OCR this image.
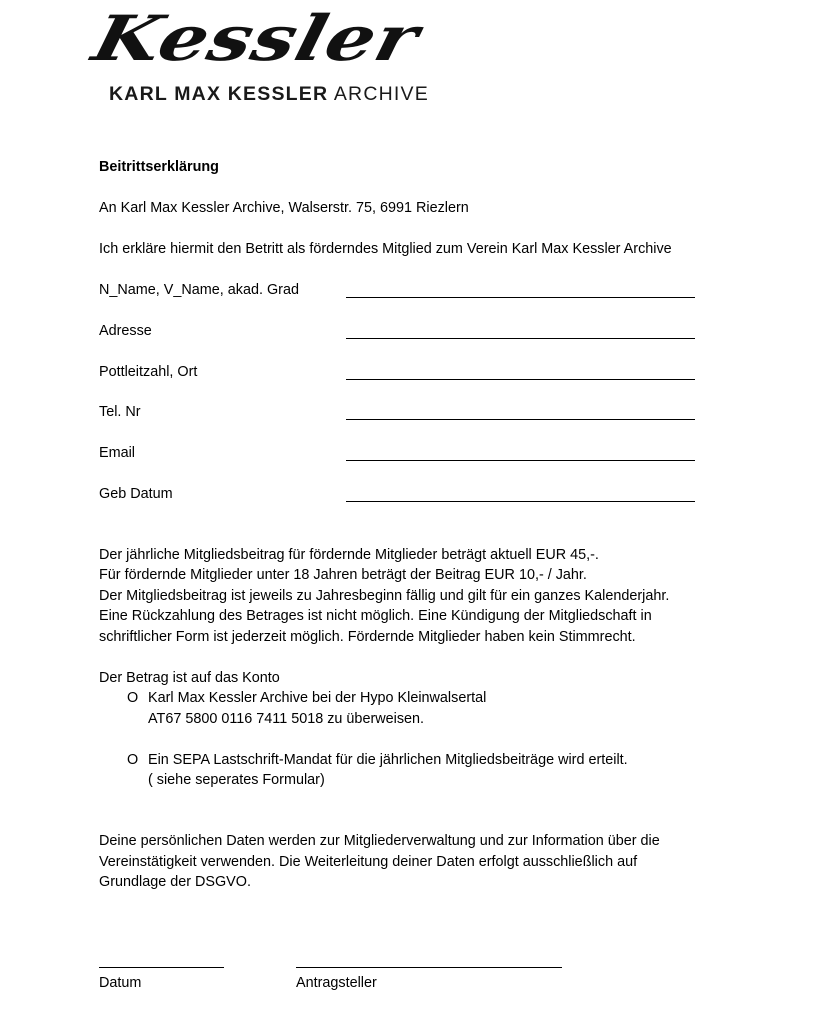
Kessler
KARL MAX KESSLER ARCHIVE
Beitrittserklärung
An Karl Max Kessler Archive, Walserstr. 75, 6991 Riezlern
Ich erkläre hiermit den Betritt als förderndes Mitglied zum Verein Karl Max Kessler Archive
N_Name, V_Name, akad. Grad
Adresse
Pottleitzahl, Ort
Tel. Nr
Email
Geb Datum
Der jährliche Mitgliedsbeitrag für fördernde Mitglieder beträgt aktuell EUR 45,-.
Für fördernde Mitglieder unter 18 Jahren beträgt der Beitrag EUR 10,- / Jahr.
Der Mitgliedsbeitrag ist jeweils zu Jahresbeginn fällig und gilt für ein ganzes Kalenderjahr.
Eine Rückzahlung des Betrages ist nicht möglich. Eine Kündigung der Mitgliedschaft in
schriftlicher Form ist jederzeit möglich. Fördernde Mitglieder haben kein Stimmrecht.
Der Betrag ist auf das Konto
O Karl Max Kessler Archive bei der Hypo Kleinwalsertal
AT67 5800 0116 7411 5018 zu überweisen.
O Ein SEPA Lastschrift-Mandat für die jährlichen Mitgliedsbeiträge wird erteilt.
( siehe seperates Formular)
Deine persönlichen Daten werden zur Mitgliederverwaltung und zur Information über die
Vereinstätigkeit verwenden. Die Weiterleitung deiner Daten erfolgt ausschließlich auf
Grundlage der DSGVO.
Datum	Antragsteller
